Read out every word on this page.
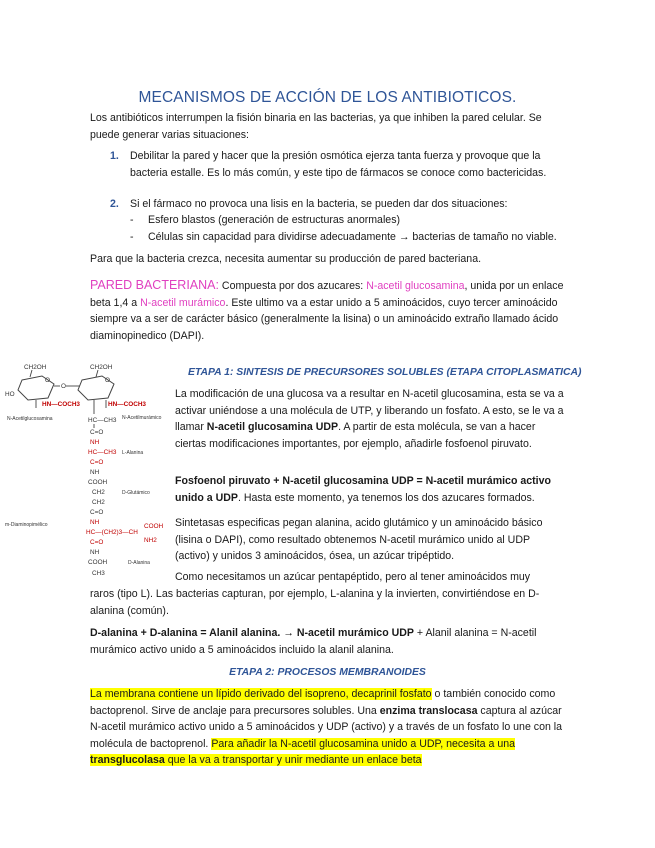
MECANISMOS DE ACCIÓN DE LOS ANTIBIOTICOS.

Los antibióticos interrumpen la fisión binaria en las bacterias, ya que inhiben la pared celular. Se puede generar varias situaciones:

1. Debilitar la pared y hacer que la presión osmótica ejerza tanta fuerza y provoque que la bacteria estalle. Es lo más común, y este tipo de fármacos se conoce como bactericidas.
2. Si el fármaco no provoca una lisis en la bacteria, se pueden dar dos situaciones:
- Esfero blastos (generación de estructuras anormales)
- Células sin capacidad para dividirse adecuadamente → bacterias de tamaño no viable.

Para que la bacteria crezca, necesita aumentar su producción de pared bacteriana.

PARED BACTERIANA: Compuesta por dos azucares: N-acetil glucosamina, unida por un enlace beta 1,4 a N-acetil murámico. Este ultimo va a estar unido a 5 aminoácidos, cuyo tercer aminoácido siempre va a ser de carácter básico (generalmente la lisina) o un aminoácido extraño llamado ácido diaminopinedico (DAPI).

CH2OH
HO
O
HN—COCH3
N-Acetilglucosamina
O
CH2OH
O
HN—COCH3
N-Acetilmurámico
HC—CH3
C=O
NH
HC—CH3 L-Alanina
C=O
NH
COOH
CH2	D-Glutámico
CH2
C=O
NH
HC—(CH2)3—CH
COOH
NH2
m-Diaminopimélico
C=O
NH
COOH	D-Alanina
CH3

ETAPA 1: SINTESIS DE PRECURSORES SOLUBLES (ETAPA CITOPLASMATICA)

La modificación de una glucosa va a resultar en N-acetil glucosamina, esta se va a activar uniéndose a una molécula de UTP, y liberando un fosfato. A esto, se le va a llamar N-acetil glucosamina UDP. A partir de esta molécula, se van a hacer ciertas modificaciones importantes, por ejemplo, añadirle fosfoenol piruvato.

Fosfoenol piruvato + N-acetil glucosamina UDP = N-acetil murámico activo unido a UDP. Hasta este momento, ya tenemos los dos azucares formados.

Sintetasas especificas pegan alanina, acido glutámico y un aminoácido básico (lisina o DAPI), como resultado obtenemos N-acetil murámico unido al UDP (activo) y unidos 3 aminoácidos, ósea, un azúcar tripéptido.

Como necesitamos un azúcar pentapéptido, pero al tener aminoácidos muy

raros (tipo L). Las bacterias capturan, por ejemplo, L-alanina y la invierten, convirtiéndose en D-alanina (común).

D-alanina + D-alanina = Alanil alanina. → N-acetil murámico UDP + Alanil alanina = N-acetil murámico activo unido a 5 aminoácidos incluido la alanil alanina.

ETAPA 2: PROCESOS MEMBRANOIDES

La membrana contiene un lípido derivado del isopreno, decaprinil fosfato o también conocido como bactoprenol. Sirve de anclaje para precursores solubles. Una enzima translocasa captura al azúcar N-acetil murámico activo unido a 5 aminoácidos y UDP (activo) y a través de un fosfato lo une con la molécula de bactoprenol. Para añadir la N-acetil glucosamina unido a UDP, necesita a una transglucolasa que la va a transportar y unir mediante un enlace beta
